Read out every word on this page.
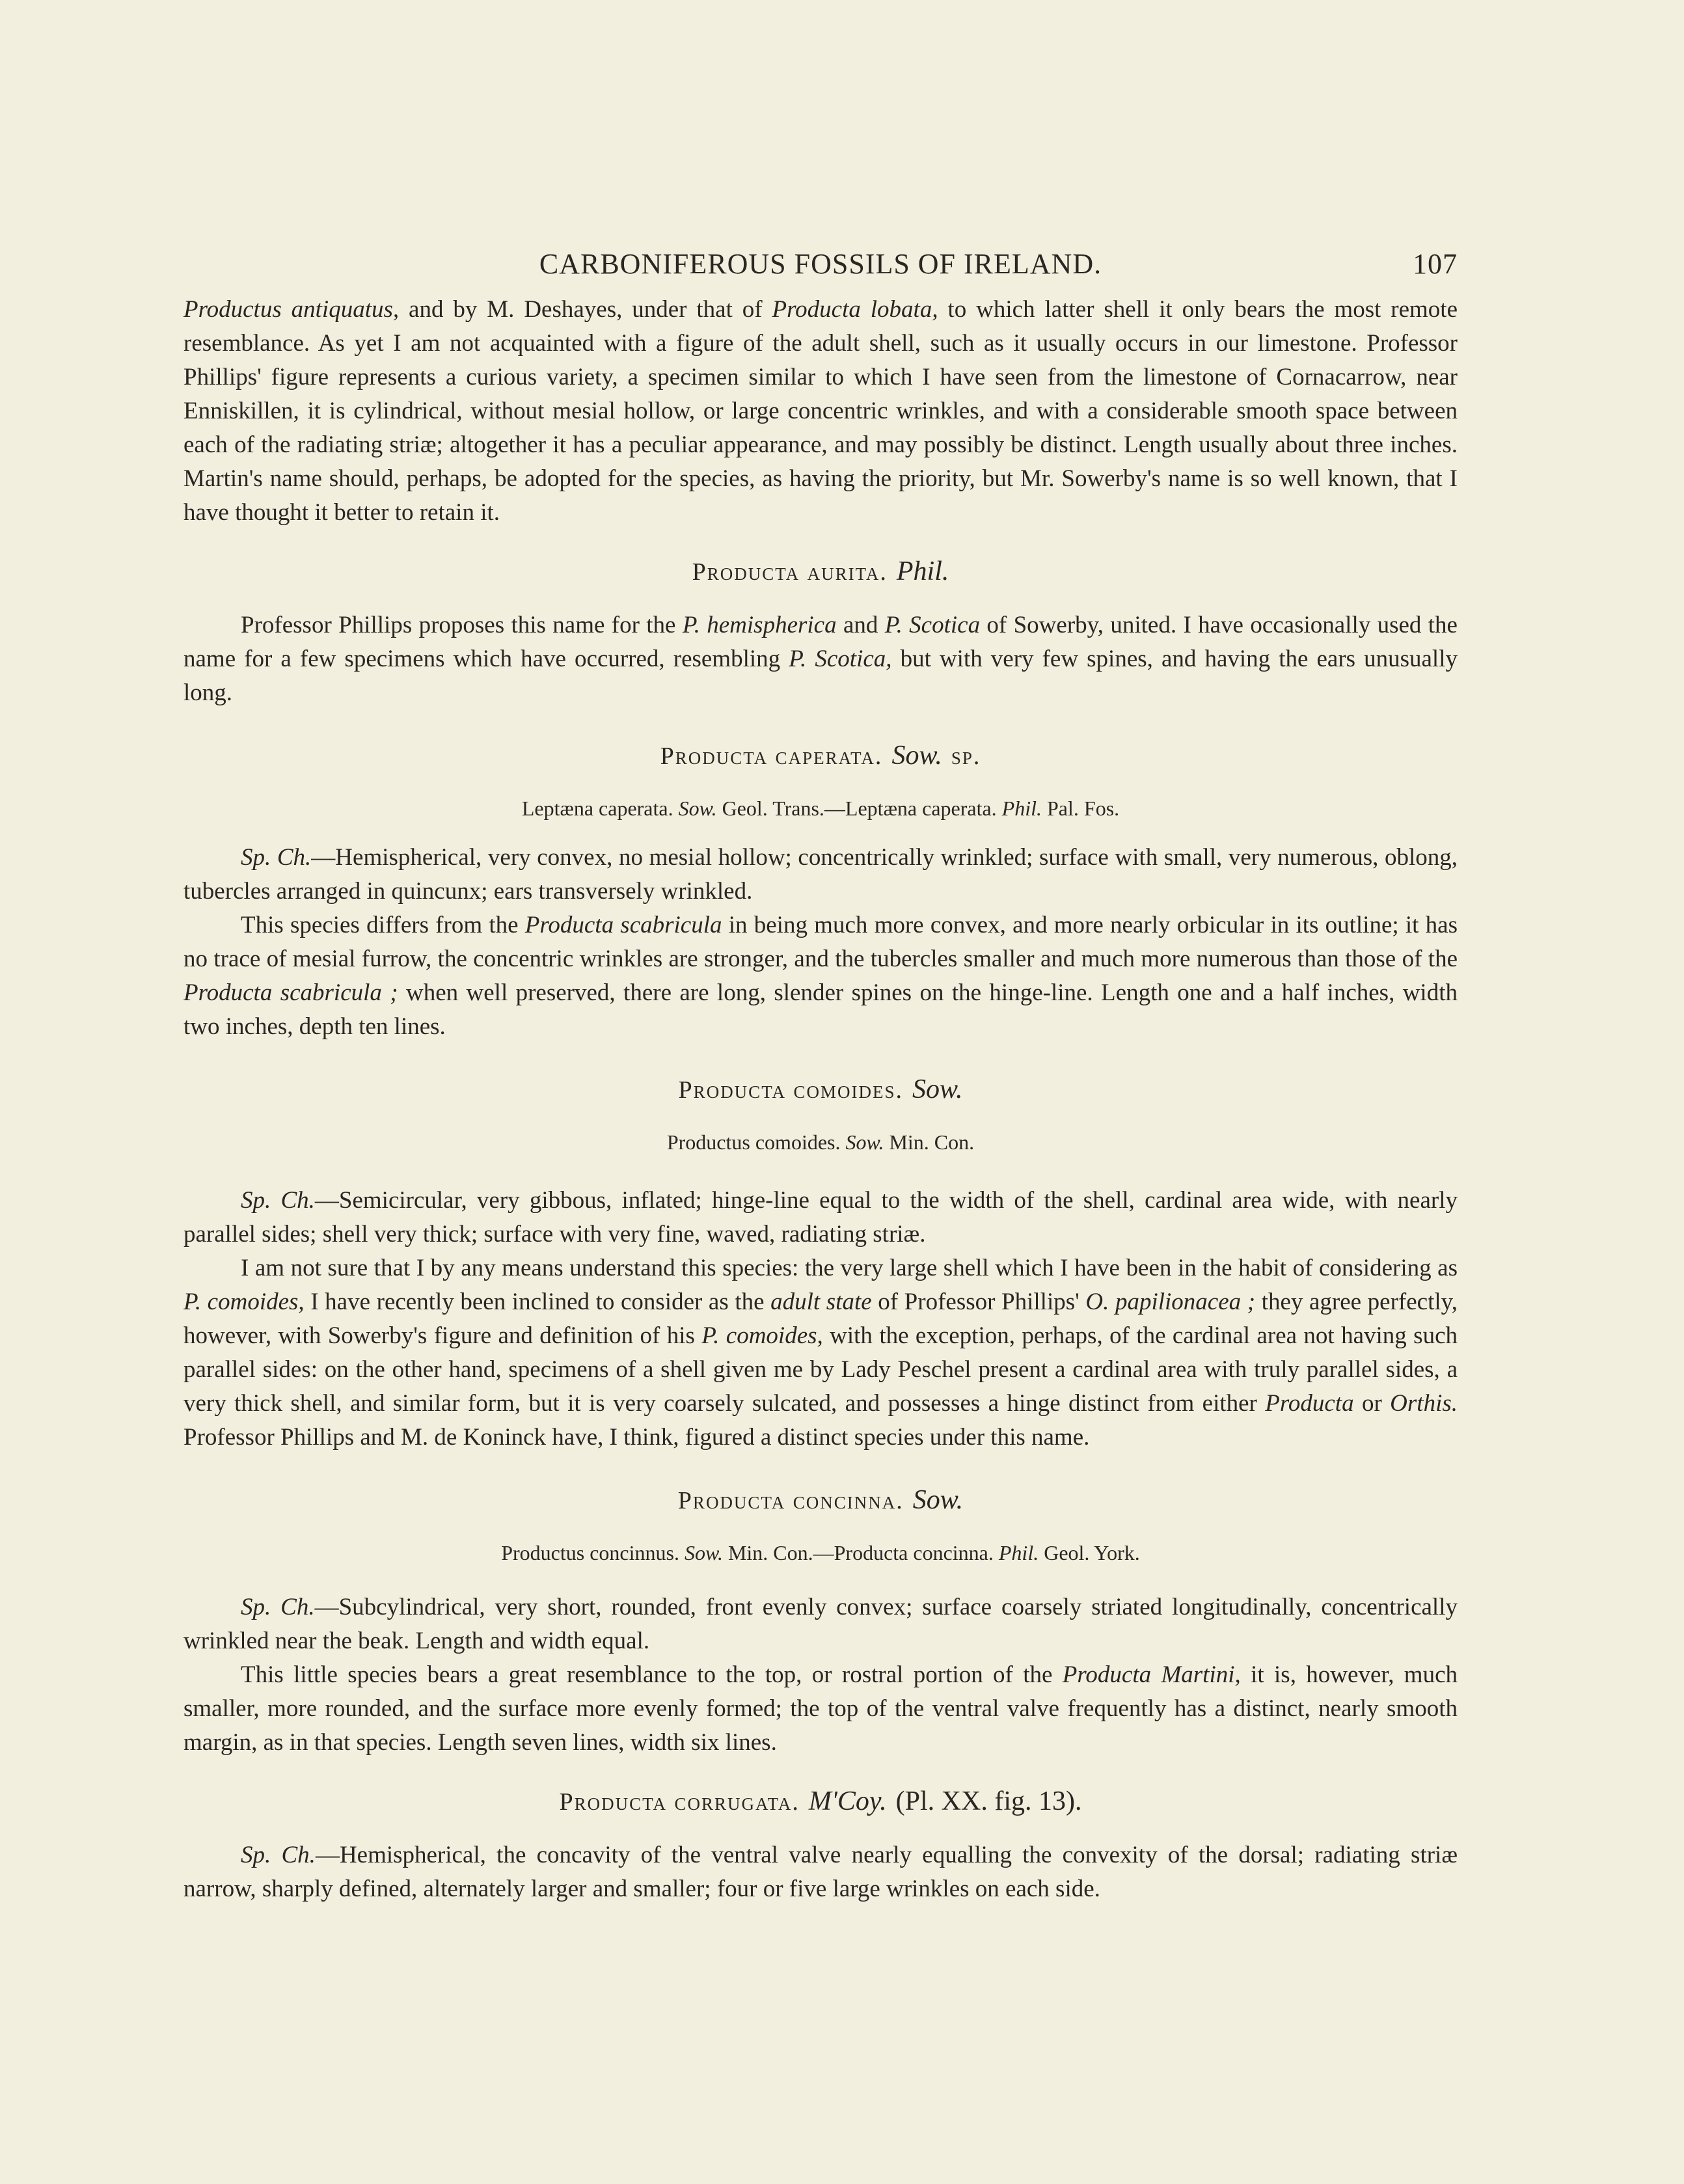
CARBONIFEROUS FOSSILS OF IRELAND.	107

Productus antiquatus, and by M. Deshayes, under that of Producta lobata, to which latter shell it only bears the most remote resemblance. As yet I am not acquainted with a figure of the adult shell, such as it usually occurs in our limestone. Professor Phillips' figure represents a curious variety, a specimen similar to which I have seen from the limestone of Cornacarrow, near Enniskillen, it is cylindrical, without mesial hollow, or large concentric wrinkles, and with a considerable smooth space between each of the radiating striæ; altogether it has a peculiar appearance, and may possibly be distinct. Length usually about three inches. Martin's name should, perhaps, be adopted for the species, as having the priority, but Mr. Sowerby's name is so well known, that I have thought it better to retain it.

Producta aurita. Phil.

Professor Phillips proposes this name for the P. hemispherica and P. Scotica of Sowerby, united. I have occasionally used the name for a few specimens which have occurred, resembling P. Scotica, but with very few spines, and having the ears unusually long.

Producta caperata. Sow. sp.
Leptæna caperata. Sow. Geol. Trans.—Leptæna caperata. Phil. Pal. Fos.

Sp. Ch.—Hemispherical, very convex, no mesial hollow; concentrically wrinkled; surface with small, very numerous, oblong, tubercles arranged in quincunx; ears transversely wrinkled.

This species differs from the Producta scabricula in being much more convex, and more nearly orbicular in its outline; it has no trace of mesial furrow, the concentric wrinkles are stronger, and the tubercles smaller and much more numerous than those of the Producta scabricula ; when well preserved, there are long, slender spines on the hinge-line. Length one and a half inches, width two inches, depth ten lines.

Producta comoides. Sow.
Productus comoides. Sow. Min. Con.

Sp. Ch.—Semicircular, very gibbous, inflated; hinge-line equal to the width of the shell, cardinal area wide, with nearly parallel sides; shell very thick; surface with very fine, waved, radiating striæ.

I am not sure that I by any means understand this species: the very large shell which I have been in the habit of considering as P. comoides, I have recently been inclined to consider as the adult state of Professor Phillips' O. papilionacea ; they agree perfectly, however, with Sowerby's figure and definition of his P. comoides, with the exception, perhaps, of the cardinal area not having such parallel sides: on the other hand, specimens of a shell given me by Lady Peschel present a cardinal area with truly parallel sides, a very thick shell, and similar form, but it is very coarsely sulcated, and possesses a hinge distinct from either Producta or Orthis. Professor Phillips and M. de Koninck have, I think, figured a distinct species under this name.

Producta concinna. Sow.
Productus concinnus. Sow. Min. Con.—Producta concinna. Phil. Geol. York.

Sp. Ch.—Subcylindrical, very short, rounded, front evenly convex; surface coarsely striated longitudinally, concentrically wrinkled near the beak. Length and width equal.

This little species bears a great resemblance to the top, or rostral portion of the Producta Martini, it is, however, much smaller, more rounded, and the surface more evenly formed; the top of the ventral valve frequently has a distinct, nearly smooth margin, as in that species. Length seven lines, width six lines.

Producta corrugata. M'Coy. (Pl. XX. fig. 13).

Sp. Ch.—Hemispherical, the concavity of the ventral valve nearly equalling the convexity of the dorsal; radiating striæ narrow, sharply defined, alternately larger and smaller; four or five large wrinkles on each side.
